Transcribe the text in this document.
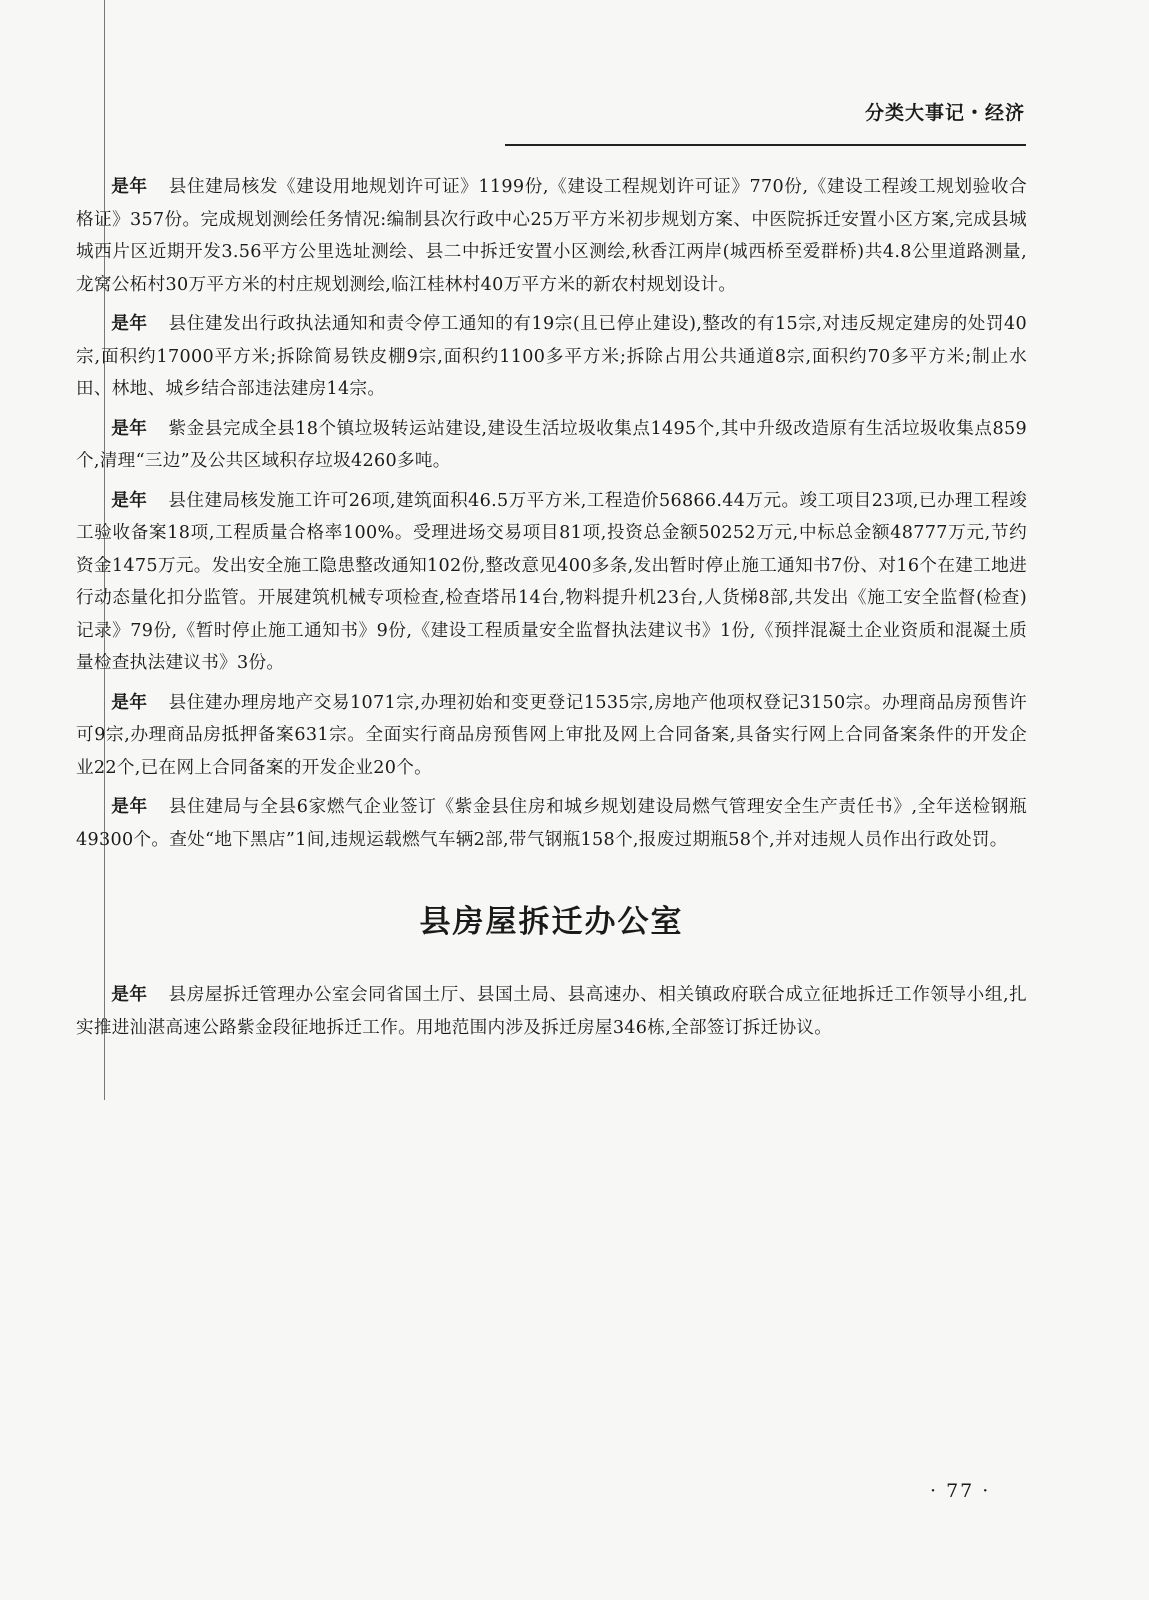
分类大事记・经济

是年 县住建局核发《建设用地规划许可证》1199份,《建设工程规划许可证》770份,《建设工程竣工规划验收合格证》357份。完成规划测绘任务情况:编制县次行政中心25万平方米初步规划方案、中医院拆迁安置小区方案,完成县城城西片区近期开发3.56平方公里选址测绘、县二中拆迁安置小区测绘,秋香江两岸(城西桥至爱群桥)共4.8公里道路测量,龙窝公柘村30万平方米的村庄规划测绘,临江桂林村40万平方米的新农村规划设计。

是年 县住建发出行政执法通知和责令停工通知的有19宗(且已停止建设),整改的有15宗,对违反规定建房的处罚40宗,面积约17000平方米;拆除简易铁皮棚9宗,面积约1100多平方米;拆除占用公共通道8宗,面积约70多平方米;制止水田、林地、城乡结合部违法建房14宗。

是年 紫金县完成全县18个镇垃圾转运站建设,建设生活垃圾收集点1495个,其中升级改造原有生活垃圾收集点859个,清理“三边”及公共区域积存垃圾4260多吨。

是年 县住建局核发施工许可26项,建筑面积46.5万平方米,工程造价56866.44万元。竣工项目23项,已办理工程竣工验收备案18项,工程质量合格率100%。受理进场交易项目81项,投资总金额50252万元,中标总金额48777万元,节约资金1475万元。发出安全施工隐患整改通知102份,整改意见400多条,发出暂时停止施工通知书7份、对16个在建工地进行动态量化扣分监管。开展建筑机械专项检查,检查塔吊14台,物料提升机23台,人货梯8部,共发出《施工安全监督(检查)记录》79份,《暂时停止施工通知书》9份,《建设工程质量安全监督执法建议书》1份,《预拌混凝土企业资质和混凝土质量检查执法建议书》3份。

是年 县住建办理房地产交易1071宗,办理初始和变更登记1535宗,房地产他项权登记3150宗。办理商品房预售许可9宗,办理商品房抵押备案631宗。全面实行商品房预售网上审批及网上合同备案,具备实行网上合同备案条件的开发企业22个,已在网上合同备案的开发企业20个。

是年 县住建局与全县6家燃气企业签订《紫金县住房和城乡规划建设局燃气管理安全生产责任书》,全年送检钢瓶49300个。查处“地下黑店”1间,违规运载燃气车辆2部,带气钢瓶158个,报废过期瓶58个,并对违规人员作出行政处罚。

县房屋拆迁办公室

是年 县房屋拆迁管理办公室会同省国土厅、县国土局、县高速办、相关镇政府联合成立征地拆迁工作领导小组,扎实推进汕湛高速公路紫金段征地拆迁工作。用地范围内涉及拆迁房屋346栋,全部签订拆迁协议。

· 77 ·
